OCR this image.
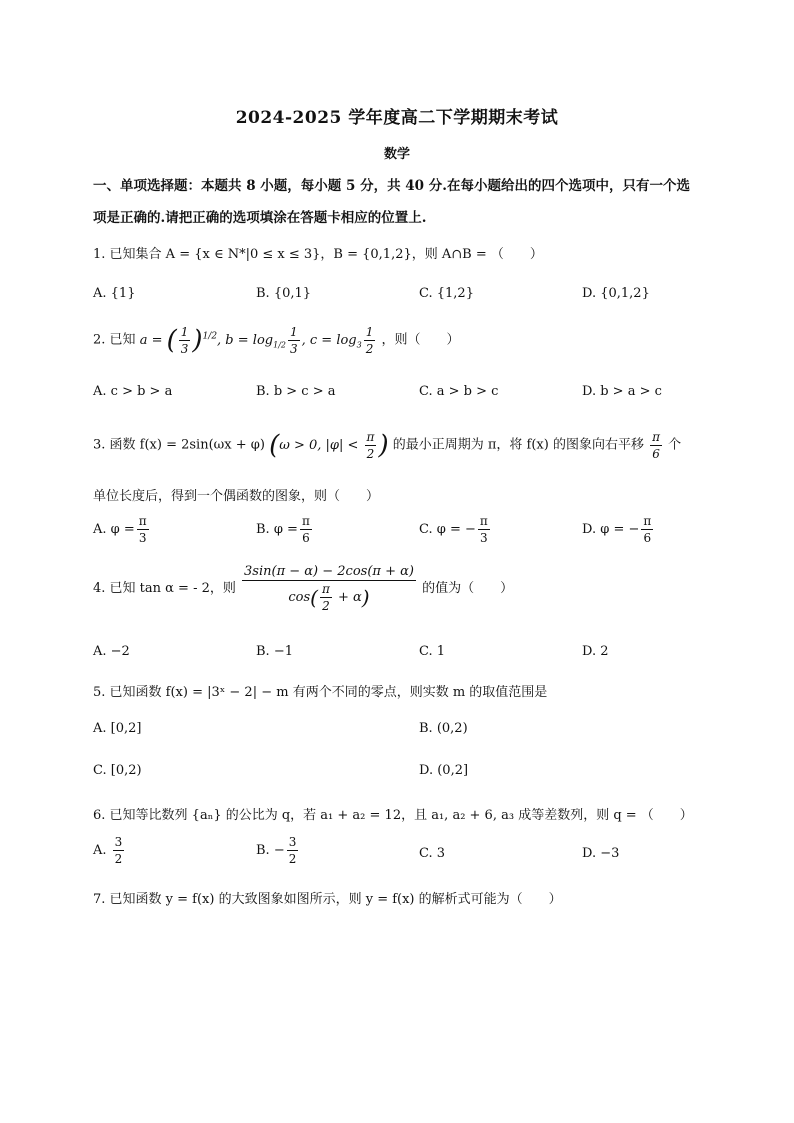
2024-2025 学年度高二下学期期末考试
数学
一、单项选择题：本题共 8 小题，每小题 5 分，共 40 分.在每小题给出的四个选项中，只有一个选项是正确的.请把正确的选项填涂在答题卡相应的位置上.
1. 已知集合 A = {x ∈ N*|0 ≤ x ≤ 3}，B = {0,1,2}，则 A∩B = （　　）
A. {1}	B. {0,1}	C. {1,2}	D. {0,1,2}
2. 已知 a = ( $\frac{1}{3} )^{1/2}$, $b = \log_{1/2} \frac{1}{3}$ , $c = \log_3 \frac{1}{2}$ ，则（　　）
A. c > b > a	B. b > c > a	C. a > b > c	D. b > a > c
3. 函数 f(x) = 2sin(ωx + φ) (ω > 0, $|\varphi| < \frac{\pi}{2}$ ) 的最小正周期为 π，将 f(x) 的图象向右平移 $\frac{\pi}{6}$ 个
单位长度后，得到一个偶函数的图象，则（　　）
A. $\varphi = \frac{\pi}{3}$	B. $\varphi = \frac{\pi}{6}$	C. φ = − $\frac{\pi}{3}$	D. φ = − $\frac{\pi}{6}$
4. 已知 tan α = - 2，则 $\frac{3\sin(\pi - \alpha) - 2\cos(\pi + \alpha)}{\cos( \frac{\pi}{2} + \alpha)}$ 的值为（　　）
A. −2	B. −1	C. 1	D. 2
5. 已知函数 f(x) = |3ˣ − 2| − m 有两个不同的零点，则实数 m 的取值范围是
A. [0,2]	B. (0,2)
C. [0,2)	D. (0,2]
6. 已知等比数列 {aₙ} 的公比为 q，若 a₁ + a₂ = 12，且 a₁, a₂ + 6, a₃ 成等差数列，则 q = （　　）
A. $\frac{3}{2}$	B. − $\frac{3}{2}$	C. 3	D. −3
7. 已知函数 y = f(x) 的大致图象如图所示，则 y = f(x) 的解析式可能为（　　）
